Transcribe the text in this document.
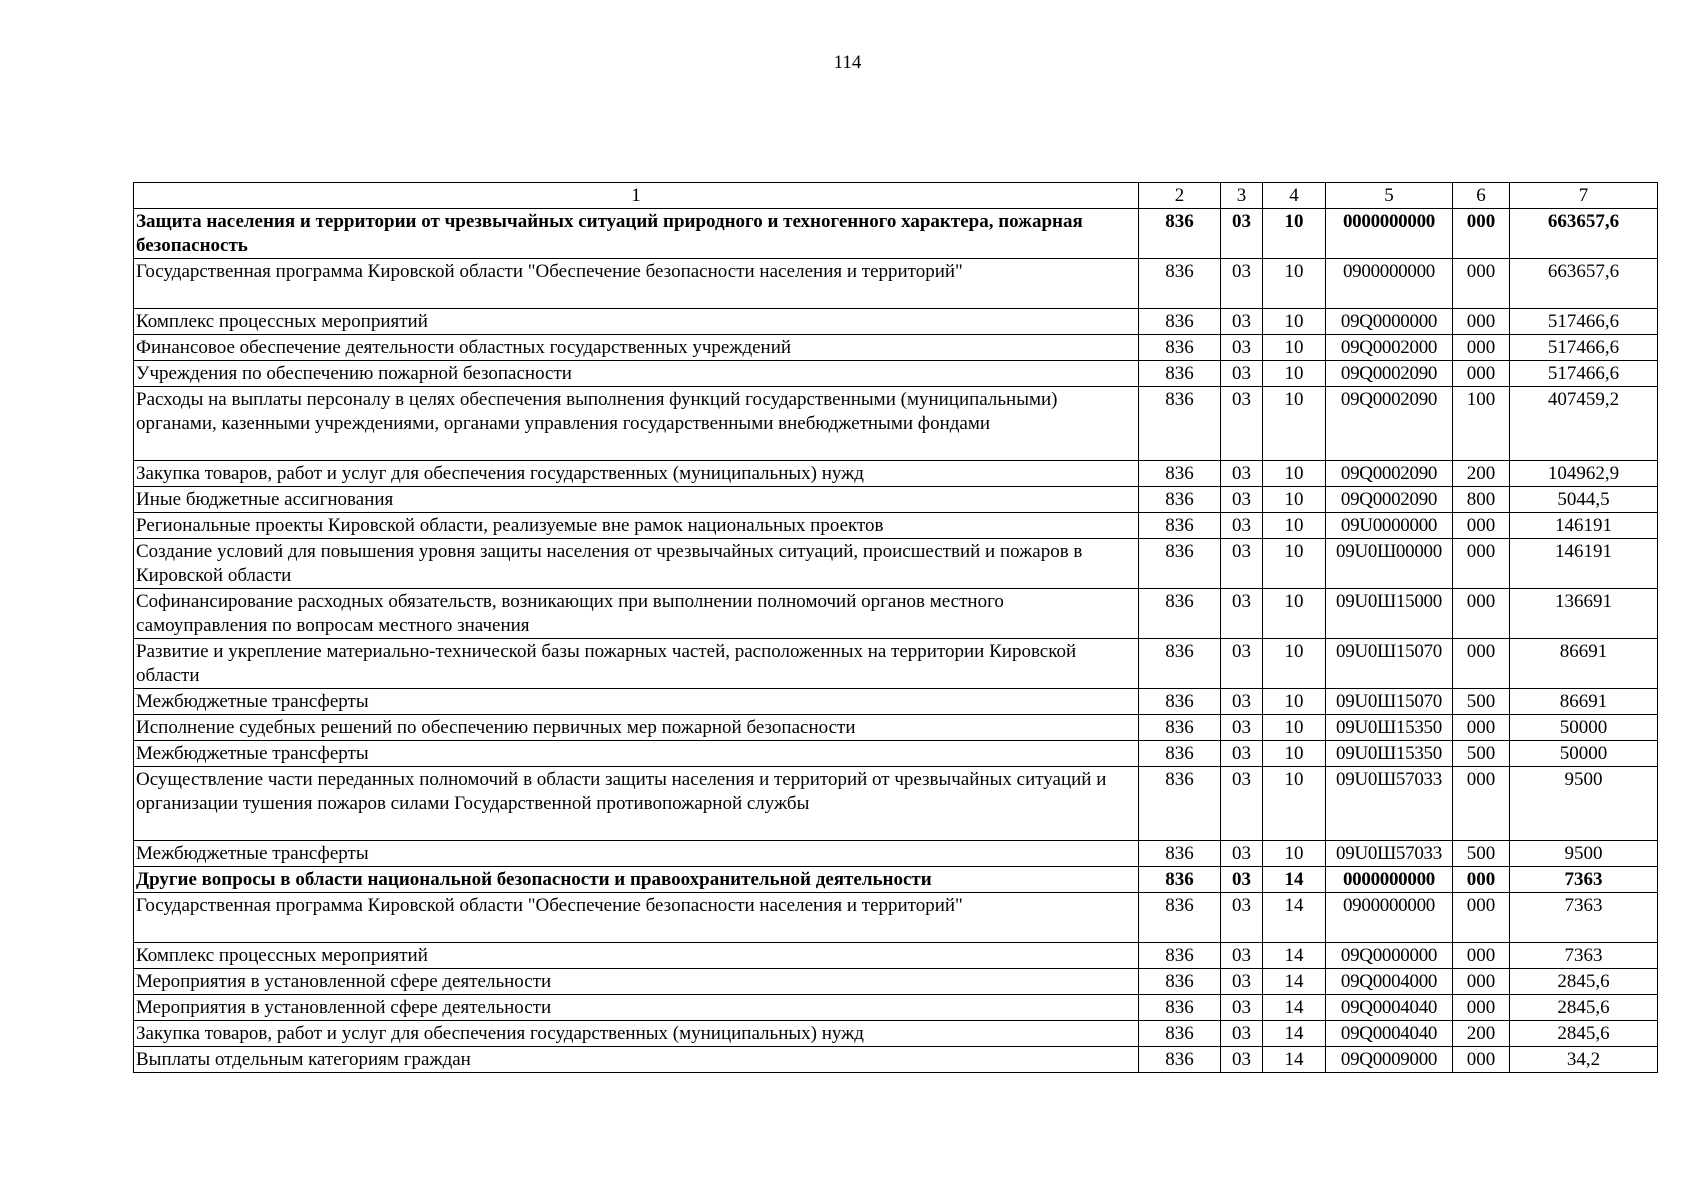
114
1	2	3	4	5	6	7
Защита населения и территории от чрезвычайных ситуаций природного и техногенного характера, пожарная безопасность	836	03	10	0000000000	000	663657,6
Государственная программа Кировской области "Обеспечение безопасности населения и территорий"	836	03	10	0900000000	000	663657,6
Комплекс процессных мероприятий	836	03	10	09Q0000000	000	517466,6
Финансовое обеспечение деятельности областных государственных учреждений	836	03	10	09Q0002000	000	517466,6
Учреждения по обеспечению пожарной безопасности	836	03	10	09Q0002090	000	517466,6
Расходы на выплаты персоналу в целях обеспечения выполнения функций государственными (муниципальными) органами, казенными учреждениями, органами управления государственными внебюджетными фондами	836	03	10	09Q0002090	100	407459,2
Закупка товаров, работ и услуг для обеспечения государственных (муниципальных) нужд	836	03	10	09Q0002090	200	104962,9
Иные бюджетные ассигнования	836	03	10	09Q0002090	800	5044,5
Региональные проекты Кировской области, реализуемые вне рамок национальных проектов	836	03	10	09U0000000	000	146191
Создание условий для повышения уровня защиты населения от чрезвычайных ситуаций, происшествий и пожаров в Кировской области	836	03	10	09U0Ш00000	000	146191
Софинансирование расходных обязательств, возникающих при выполнении полномочий органов местного самоуправления по вопросам местного значения	836	03	10	09U0Ш15000	000	136691
Развитие и укрепление материально-технической базы пожарных частей, расположенных на территории Кировской области	836	03	10	09U0Ш15070	000	86691
Межбюджетные трансферты	836	03	10	09U0Ш15070	500	86691
Исполнение судебных решений по обеспечению первичных мер пожарной безопасности	836	03	10	09U0Ш15350	000	50000
Межбюджетные трансферты	836	03	10	09U0Ш15350	500	50000
Осуществление части переданных полномочий в области защиты населения и территорий от чрезвычайных ситуаций и организации тушения пожаров силами Государственной противопожарной службы	836	03	10	09U0Ш57033	000	9500
Межбюджетные трансферты	836	03	10	09U0Ш57033	500	9500
Другие вопросы в области национальной безопасности и правоохранительной деятельности	836	03	14	0000000000	000	7363
Государственная программа Кировской области "Обеспечение безопасности населения и территорий"	836	03	14	0900000000	000	7363
Комплекс процессных мероприятий	836	03	14	09Q0000000	000	7363
Мероприятия в установленной сфере деятельности	836	03	14	09Q0004000	000	2845,6
Мероприятия в установленной сфере деятельности	836	03	14	09Q0004040	000	2845,6
Закупка товаров, работ и услуг для обеспечения государственных (муниципальных) нужд	836	03	14	09Q0004040	200	2845,6
Выплаты отдельным категориям граждан	836	03	14	09Q0009000	000	34,2
